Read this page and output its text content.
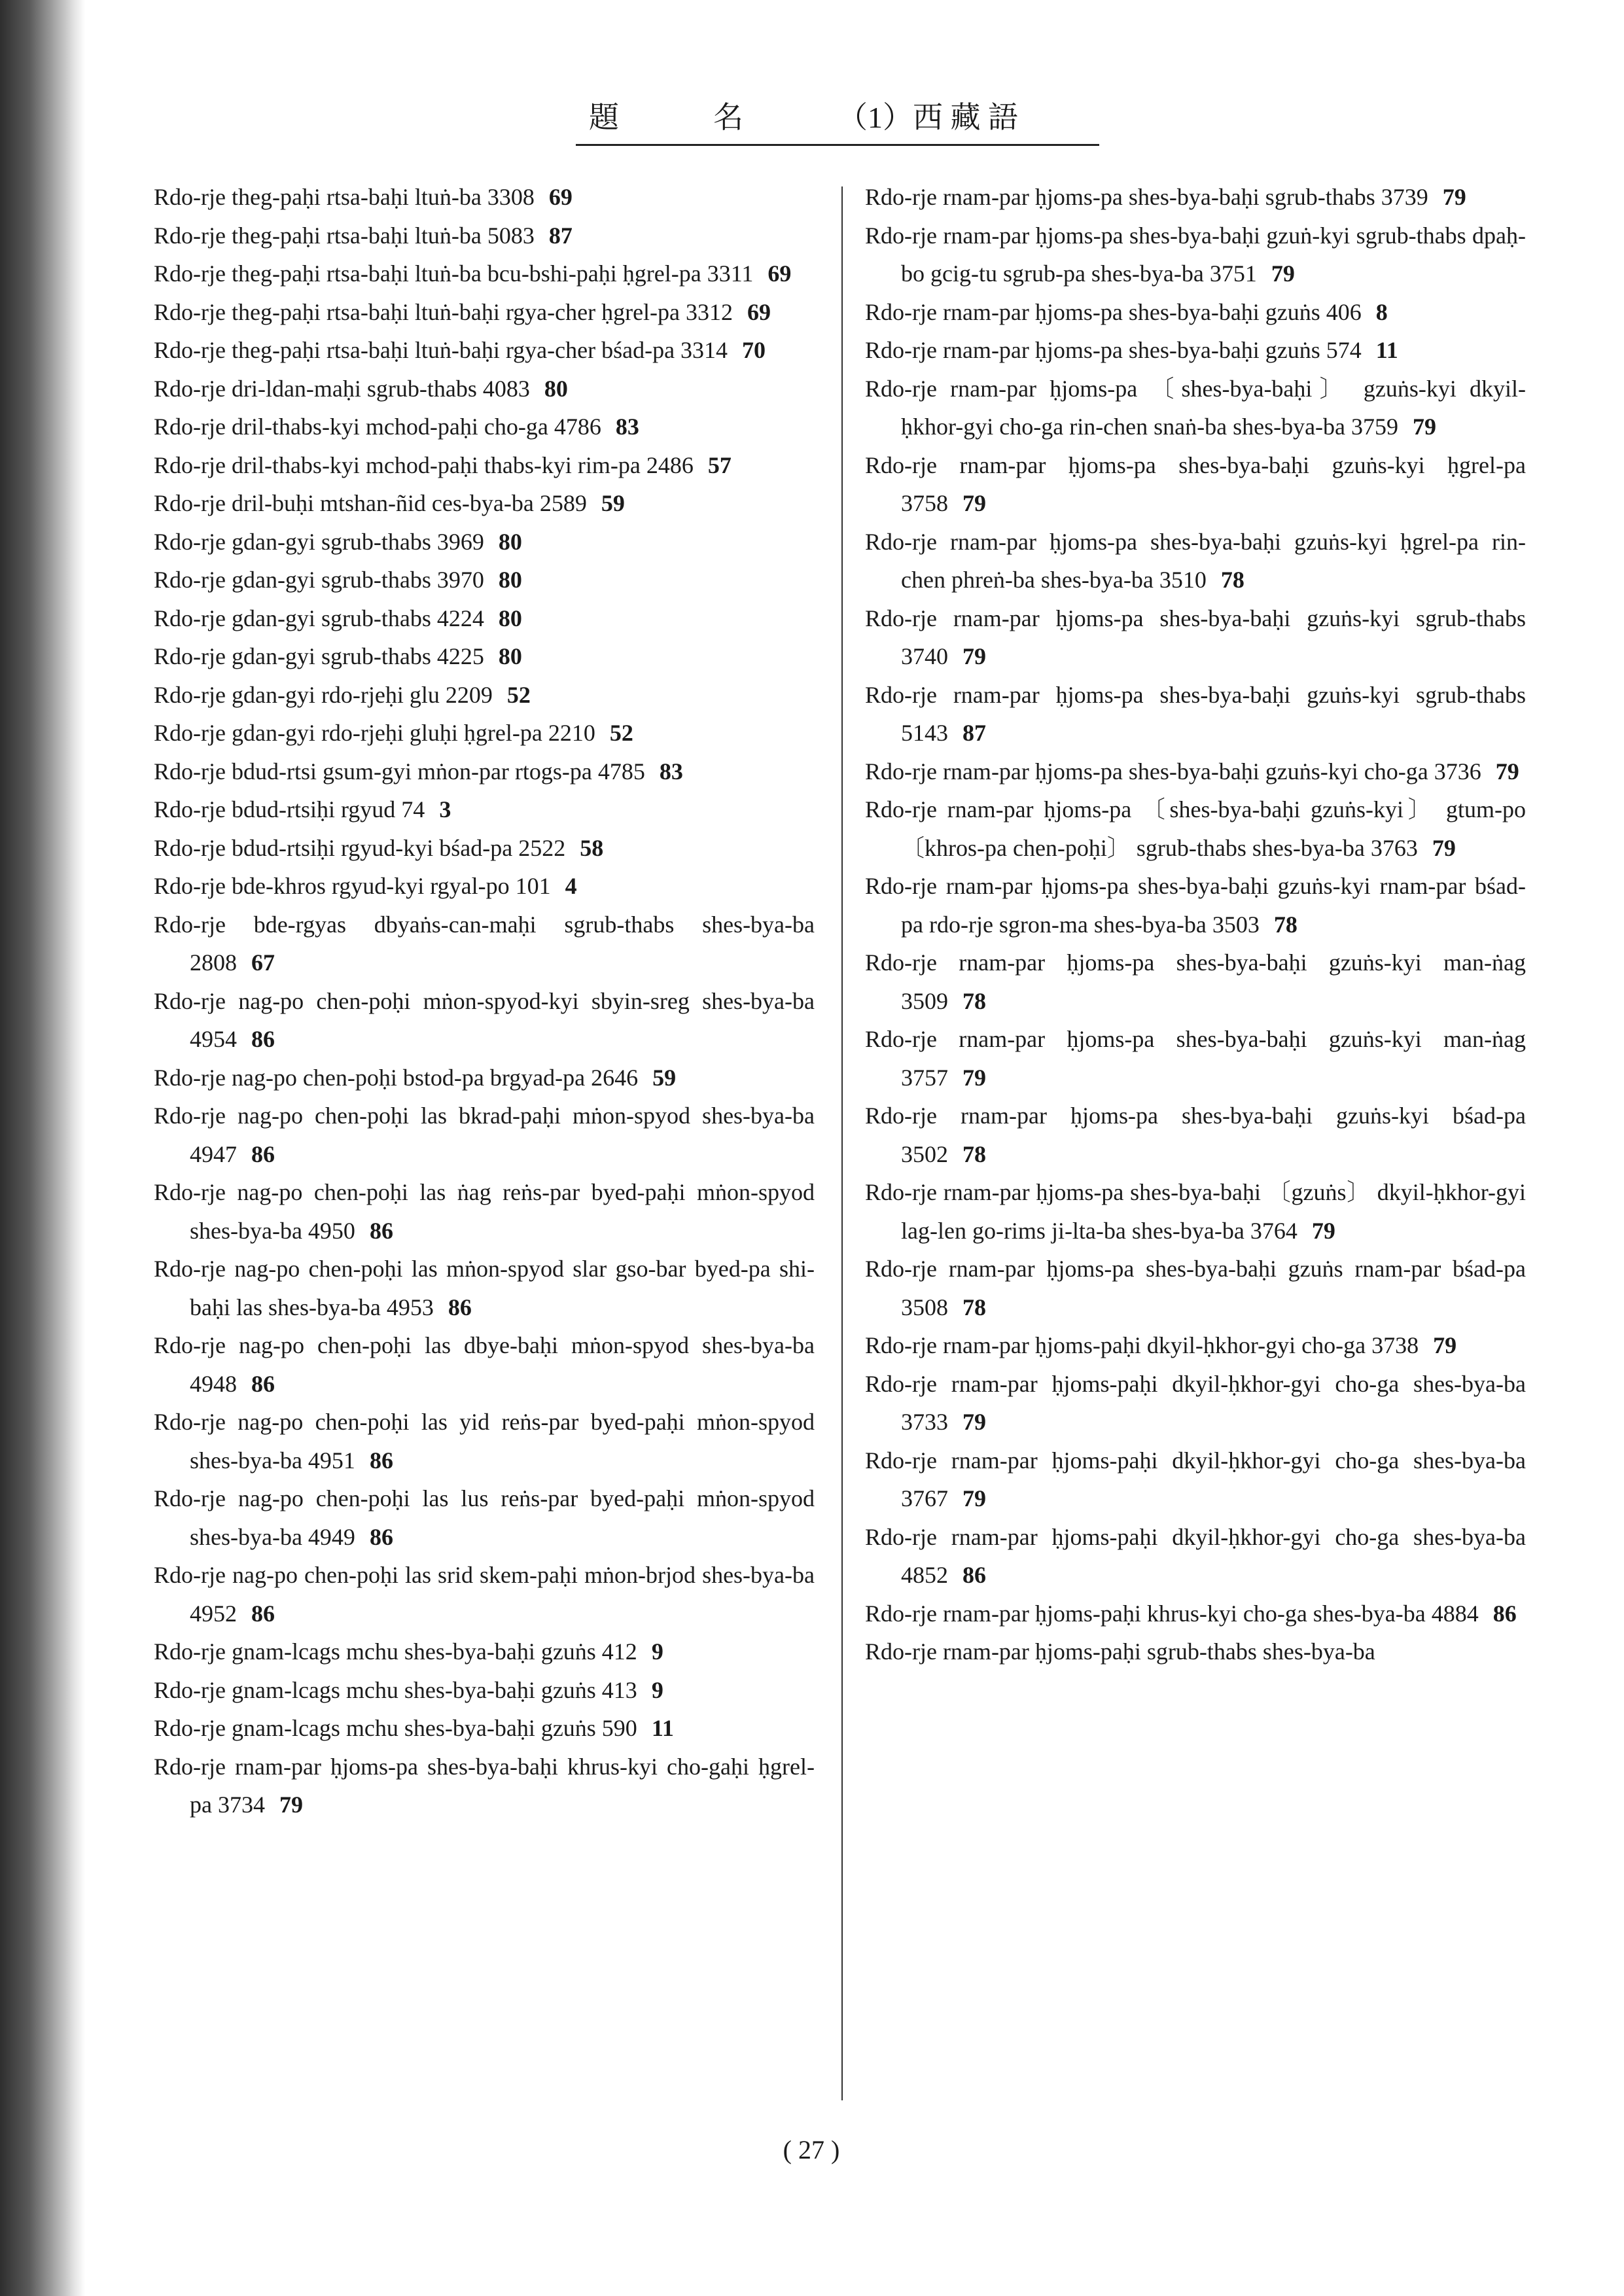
題	名	（1）西 藏 語
Rdo-rje theg-paḥi rtsa-baḥi ltuṅ-ba 3308 69
Rdo-rje theg-paḥi rtsa-baḥi ltuṅ-ba 5083 87
Rdo-rje theg-paḥi rtsa-baḥi ltuṅ-ba bcu-bshi-paḥi ḥgrel-pa 3311 69
Rdo-rje theg-paḥi rtsa-baḥi ltuṅ-baḥi rgya-cher ḥgrel-pa 3312 69
Rdo-rje theg-paḥi rtsa-baḥi ltuṅ-baḥi rgya-cher bśad-pa 3314 70
Rdo-rje dri-ldan-maḥi sgrub-thabs 4083 80
Rdo-rje dril-thabs-kyi mchod-paḥi cho-ga 4786 83
Rdo-rje dril-thabs-kyi mchod-paḥi thabs-kyi rim-pa 2486 57
Rdo-rje dril-buḥi mtshan-ñid ces-bya-ba 2589 59
Rdo-rje gdan-gyi sgrub-thabs 3969 80
Rdo-rje gdan-gyi sgrub-thabs 3970 80
Rdo-rje gdan-gyi sgrub-thabs 4224 80
Rdo-rje gdan-gyi sgrub-thabs 4225 80
Rdo-rje gdan-gyi rdo-rjeḥi glu 2209 52
Rdo-rje gdan-gyi rdo-rjeḥi gluḥi ḥgrel-pa 2210 52
Rdo-rje bdud-rtsi gsum-gyi mṅon-par rtogs-pa 4785 83
Rdo-rje bdud-rtsiḥi rgyud 74 3
Rdo-rje bdud-rtsiḥi rgyud-kyi bśad-pa 2522 58
Rdo-rje bde-khros rgyud-kyi rgyal-po 101 4
Rdo-rje bde-rgyas dbyaṅs-can-maḥi sgrub-thabs shes-bya-ba 2808 67
Rdo-rje nag-po chen-poḥi mṅon-spyod-kyi sbyin-sreg shes-bya-ba 4954 86
Rdo-rje nag-po chen-poḥi bstod-pa brgyad-pa 2646 59
Rdo-rje nag-po chen-poḥi las bkrad-paḥi mṅon-spyod shes-bya-ba 4947 86
Rdo-rje nag-po chen-poḥi las ṅag reṅs-par byed-paḥi mṅon-spyod shes-bya-ba 4950 86
Rdo-rje nag-po chen-poḥi las mṅon-spyod slar gso-bar byed-pa shi-baḥi las shes-bya-ba 4953 86
Rdo-rje nag-po chen-poḥi las dbye-baḥi mṅon-spyod shes-bya-ba 4948 86
Rdo-rje nag-po chen-poḥi las yid reṅs-par byed-paḥi mṅon-spyod shes-bya-ba 4951 86
Rdo-rje nag-po chen-poḥi las lus reṅs-par byed-paḥi mṅon-spyod shes-bya-ba 4949 86
Rdo-rje nag-po chen-poḥi las srid skem-paḥi mṅon-brjod shes-bya-ba 4952 86
Rdo-rje gnam-lcags mchu shes-bya-baḥi gzuṅs 412 9
Rdo-rje gnam-lcags mchu shes-bya-baḥi gzuṅs 413 9
Rdo-rje gnam-lcags mchu shes-bya-baḥi gzuṅs 590 11
Rdo-rje rnam-par ḥjoms-pa shes-bya-baḥi khrus-kyi cho-gaḥi ḥgrel-pa 3734 79
Rdo-rje rnam-par ḥjoms-pa shes-bya-baḥi sgrub-thabs 3739 79
Rdo-rje rnam-par ḥjoms-pa shes-bya-baḥi gzuṅ-kyi sgrub-thabs dpaḥ-bo gcig-tu sgrub-pa shes-bya-ba 3751 79
Rdo-rje rnam-par ḥjoms-pa shes-bya-baḥi gzuṅs 406 8
Rdo-rje rnam-par ḥjoms-pa shes-bya-baḥi gzuṅs 574 11
Rdo-rje rnam-par ḥjoms-pa 〔shes-bya-baḥi〕 gzuṅs-kyi dkyil-ḥkhor-gyi cho-ga rin-chen snaṅ-ba shes-bya-ba 3759 79
Rdo-rje rnam-par ḥjoms-pa shes-bya-baḥi gzuṅs-kyi ḥgrel-pa 3758 79
Rdo-rje rnam-par ḥjoms-pa shes-bya-baḥi gzuṅs-kyi ḥgrel-pa rin-chen phreṅ-ba shes-bya-ba 3510 78
Rdo-rje rnam-par ḥjoms-pa shes-bya-baḥi gzuṅs-kyi sgrub-thabs 3740 79
Rdo-rje rnam-par ḥjoms-pa shes-bya-baḥi gzuṅs-kyi sgrub-thabs 5143 87
Rdo-rje rnam-par ḥjoms-pa shes-bya-baḥi gzuṅs-kyi cho-ga 3736 79
Rdo-rje rnam-par ḥjoms-pa 〔shes-bya-baḥi gzuṅs-kyi〕 gtum-po 〔khros-pa chen-poḥi〕 sgrub-thabs shes-bya-ba 3763 79
Rdo-rje rnam-par ḥjoms-pa shes-bya-baḥi gzuṅs-kyi rnam-par bśad-pa rdo-rje sgron-ma shes-bya-ba 3503 78
Rdo-rje rnam-par ḥjoms-pa shes-bya-baḥi gzuṅs-kyi man-ṅag 3509 78
Rdo-rje rnam-par ḥjoms-pa shes-bya-baḥi gzuṅs-kyi man-ṅag 3757 79
Rdo-rje rnam-par ḥjoms-pa shes-bya-baḥi gzuṅs-kyi bśad-pa 3502 78
Rdo-rje rnam-par ḥjoms-pa shes-bya-baḥi 〔gzuṅs〕 dkyil-ḥkhor-gyi lag-len go-rims ji-lta-ba shes-bya-ba 3764 79
Rdo-rje rnam-par ḥjoms-pa shes-bya-baḥi gzuṅs rnam-par bśad-pa 3508 78
Rdo-rje rnam-par ḥjoms-paḥi dkyil-ḥkhor-gyi cho-ga 3738 79
Rdo-rje rnam-par ḥjoms-paḥi dkyil-ḥkhor-gyi cho-ga shes-bya-ba 3733 79
Rdo-rje rnam-par ḥjoms-paḥi dkyil-ḥkhor-gyi cho-ga shes-bya-ba 3767 79
Rdo-rje rnam-par ḥjoms-paḥi dkyil-ḥkhor-gyi cho-ga shes-bya-ba 4852 86
Rdo-rje rnam-par ḥjoms-paḥi khrus-kyi cho-ga shes-bya-ba 4884 86
Rdo-rje rnam-par ḥjoms-paḥi sgrub-thabs shes-bya-ba
( 27 )
